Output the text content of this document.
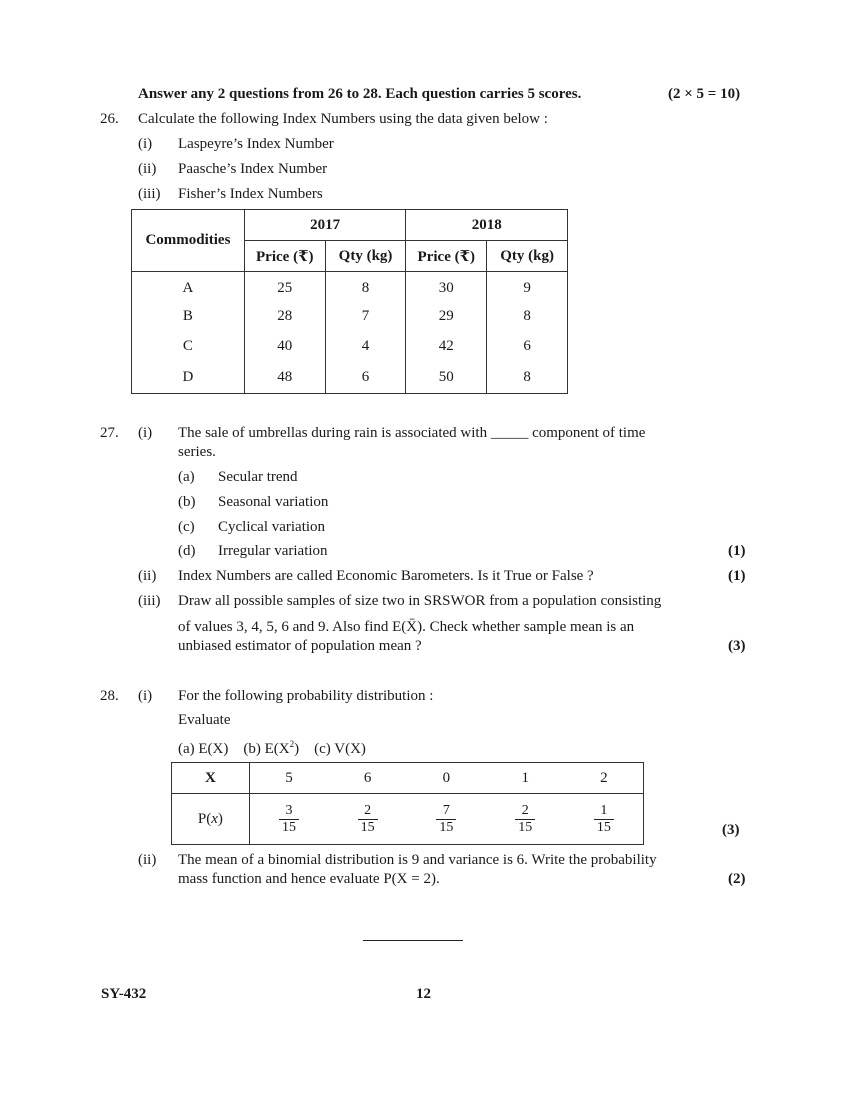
Answer any 2 questions from 26 to 28. Each question carries 5 scores.	(2 × 5 = 10)
26. Calculate the following Index Numbers using the data given below :
(i) Laspeyre’s Index Number
(ii) Paasche’s Index Number
(iii) Fisher’s Index Numbers
Commodities	2017		2018	
	Price (₹)	Qty (kg)	Price (₹)	Qty (kg)
A	25	8	30	9
B	28	7	29	8
C	40	4	42	6
D	48	6	50	8
27. (i) The sale of umbrellas during rain is associated with _____ component of time
series.
(a) Secular trend
(b) Seasonal variation
(c) Cyclical variation
(d) Irregular variation	(1)
(ii) Index Numbers are called Economic Barometers. Is it True or False ?	(1)
(iii) Draw all possible samples of size two in SRSWOR from a population consisting
of values 3, 4, 5, 6 and 9. Also find E(X̄). Check whether sample mean is an
unbiased estimator of population mean ?	(3)
28. (i) For the following probability distribution :
Evaluate
(a) E(X) (b) $E(X^2)$ (c) V(X)
X	5	6	0	1	2
P(x)	$\frac{3}{15}$	$\frac{2}{15}$	$\frac{7}{15}$	$\frac{2}{15}$	$\frac{1}{15}$	(3)
(ii) The mean of a binomial distribution is 9 and variance is 6. Write the probability
mass function and hence evaluate P(X = 2).	(2)
SY-432	12
